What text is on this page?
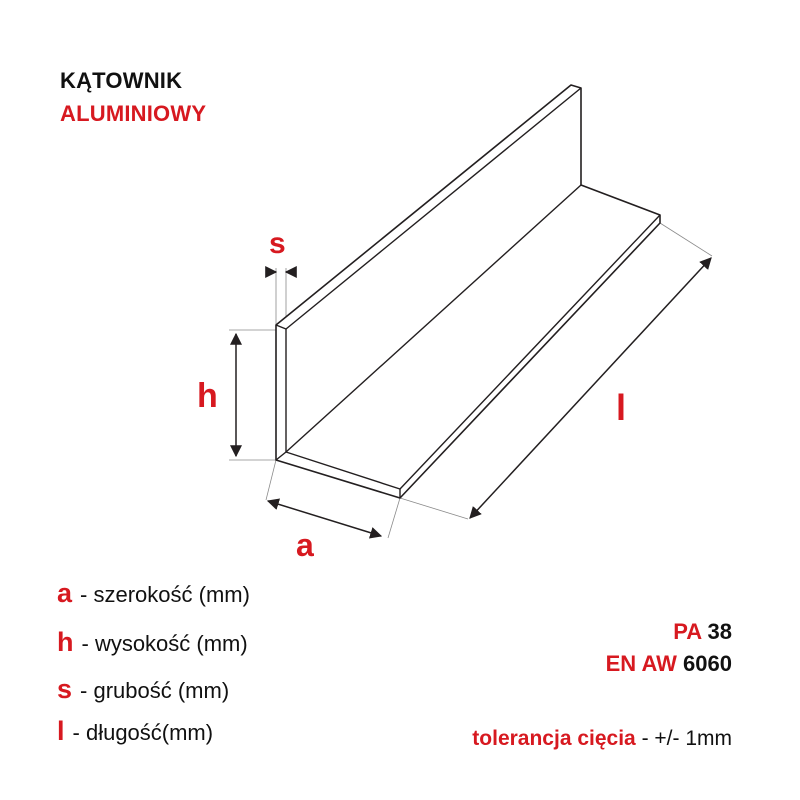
KĄTOWNIK
ALUMINIOWY
s
h
a
l
a - szerokość (mm)
h - wysokość (mm)
s - grubość (mm)
l - długość(mm)
PA 38
EN AW 6060
tolerancja cięcia - +/- 1mm
